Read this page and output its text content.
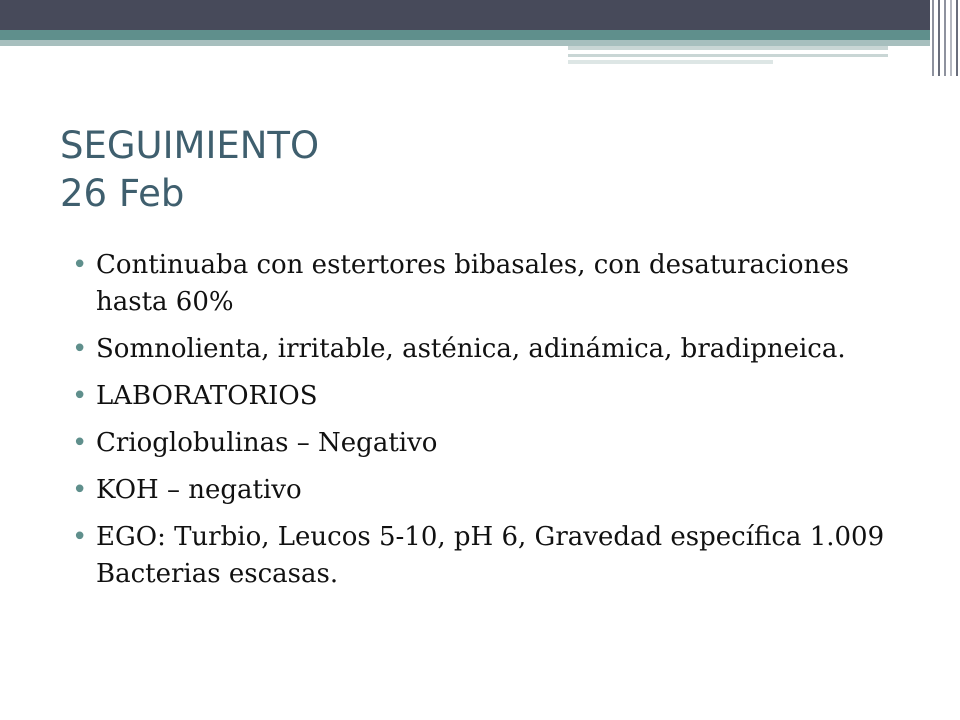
SEGUIMIENTO
26 Feb
• Continuaba con estertores bibasales, con desaturaciones hasta 60%
• Somnolienta, irritable, asténica, adinámica, bradipneica.
• LABORATORIOS
• Crioglobulinas – Negativo
• KOH – negativo
• EGO: Turbio, Leucos 5-10, pH 6, Gravedad específica 1.009 Bacterias escasas.
